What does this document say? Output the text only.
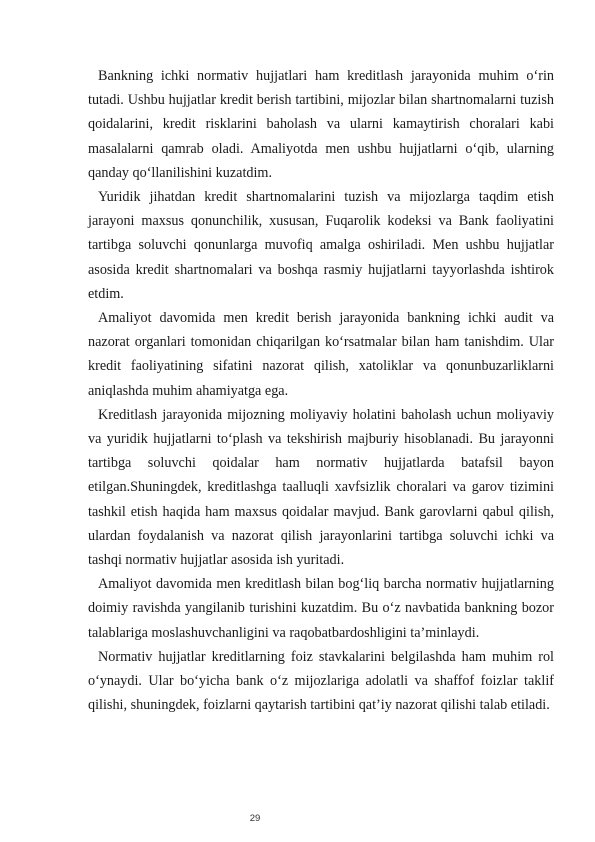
Bankning ichki normativ hujjatlari ham kreditlash jarayonida muhim o‘rin tutadi. Ushbu hujjatlar kredit berish tartibini, mijozlar bilan shartnomalarni tuzish qoidalarini, kredit risklarini baholash va ularni kamaytirish choralari kabi masalalarni qamrab oladi. Amaliyotda men ushbu hujjatlarni o‘qib, ularning qanday qo‘llanilishini kuzatdim.

Yuridik jihatdan kredit shartnomalarini tuzish va mijozlarga taqdim etish jarayoni maxsus qonunchilik, xususan, Fuqarolik kodeksi va Bank faoliyatini tartibga soluvchi qonunlarga muvofiq amalga oshiriladi. Men ushbu hujjatlar asosida kredit shartnomalari va boshqa rasmiy hujjatlarni tayyorlashda ishtirok etdim.

Amaliyot davomida men kredit berish jarayonida bankning ichki audit va nazorat organlari tomonidan chiqarilgan ko‘rsatmalar bilan ham tanishdim. Ular kredit faoliyatining sifatini nazorat qilish, xatoliklar va qonunbuzarliklarni aniqlashda muhim ahamiyatga ega.

Kreditlash jarayonida mijozning moliyaviy holatini baholash uchun moliyaviy va yuridik hujjatlarni to‘plash va tekshirish majburiy hisoblanadi. Bu jarayonni tartibga soluvchi qoidalar ham normativ hujjatlarda batafsil bayon etilgan.Shuningdek, kreditlashga taalluqli xavfsizlik choralari va garov tizimini tashkil etish haqida ham maxsus qoidalar mavjud. Bank garovlarni qabul qilish, ulardan foydalanish va nazorat qilish jarayonlarini tartibga soluvchi ichki va tashqi normativ hujjatlar asosida ish yuritadi.

Amaliyot davomida men kreditlash bilan bog‘liq barcha normativ hujjatlarning doimiy ravishda yangilanib turishini kuzatdim. Bu o‘z navbatida bankning bozor talablariga moslashuvchanligini va raqobatbardoshligini ta’minlaydi.

Normativ hujjatlar kreditlarning foiz stavkalarini belgilashda ham muhim rol o‘ynaydi. Ular bo‘yicha bank o‘z mijozlariga adolatli va shaffof foizlar taklif qilishi, shuningdek, foizlarni qaytarish tartibini qat’iy nazorat qilishi talab etiladi.

29
